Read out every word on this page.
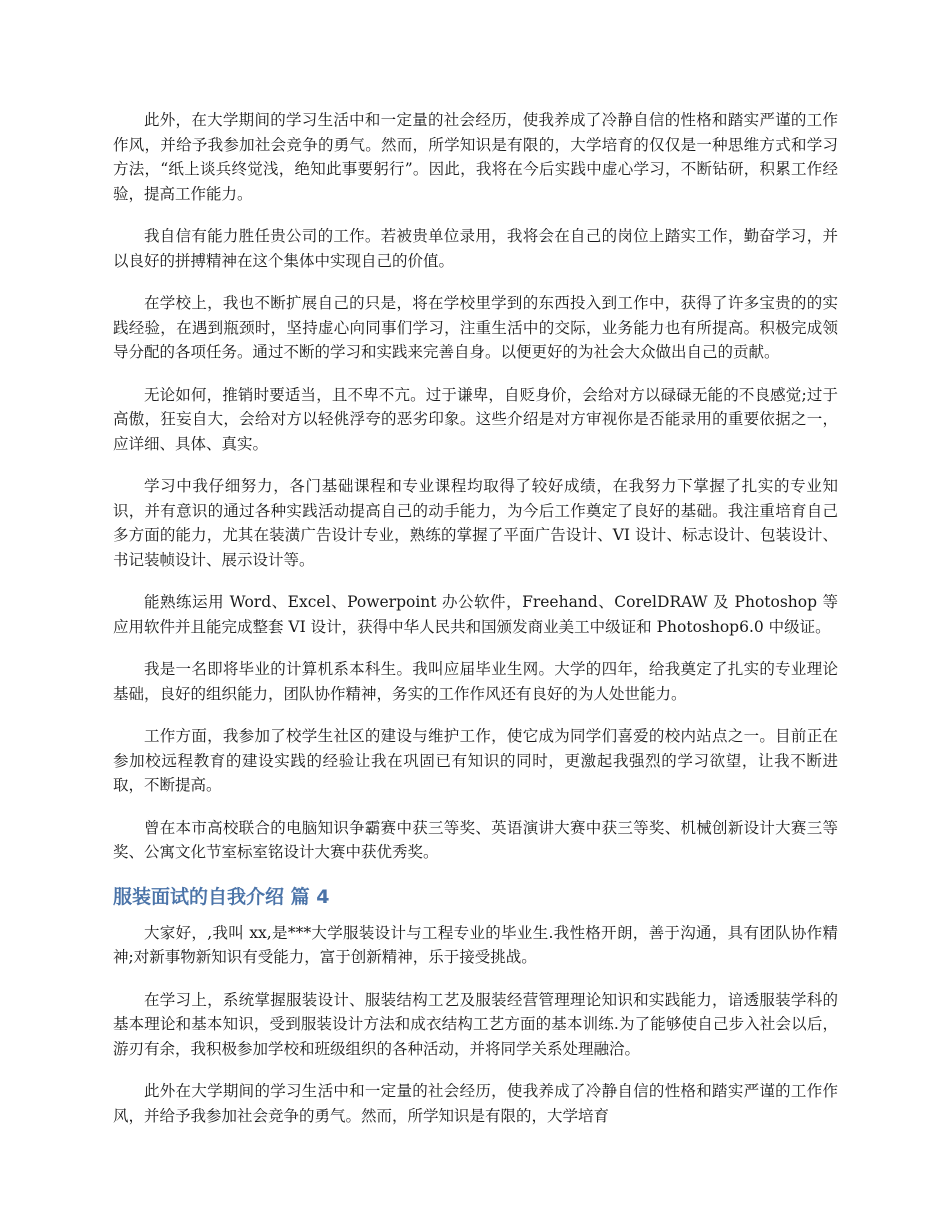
此外，在大学期间的学习生活中和一定量的社会经历，使我养成了冷静自信的性格和踏实严谨的工作作风，并给予我参加社会竞争的勇气。然而，所学知识是有限的，大学培育的仅仅是一种思维方式和学习方法，“纸上谈兵终觉浅，绝知此事要躬行”。因此，我将在今后实践中虚心学习，不断钻研，积累工作经验，提高工作能力。

我自信有能力胜任贵公司的工作。若被贵单位录用，我将会在自己的岗位上踏实工作，勤奋学习，并以良好的拼搏精神在这个集体中实现自己的价值。

在学校上，我也不断扩展自己的只是，将在学校里学到的东西投入到工作中，获得了许多宝贵的的实践经验，在遇到瓶颈时，坚持虚心向同事们学习，注重生活中的交际，业务能力也有所提高。积极完成领导分配的各项任务。通过不断的学习和实践来完善自身。以便更好的为社会大众做出自己的贡献。

无论如何，推销时要适当，且不卑不亢。过于谦卑，自贬身价，会给对方以碌碌无能的不良感觉;过于高傲，狂妄自大，会给对方以轻佻浮夸的恶劣印象。这些介绍是对方审视你是否能录用的重要依据之一，应详细、具体、真实。

学习中我仔细努力，各门基础课程和专业课程均取得了较好成绩，在我努力下掌握了扎实的专业知识，并有意识的通过各种实践活动提高自己的动手能力，为今后工作奠定了良好的基础。我注重培育自己多方面的能力，尤其在装潢广告设计专业，熟练的掌握了平面广告设计、VI 设计、标志设计、包装设计、书记装帧设计、展示设计等。

能熟练运用 Word、Excel、Powerpoint 办公软件，Freehand、CorelDRAW 及 Photoshop 等应用软件并且能完成整套 VI 设计，获得中华人民共和国颁发商业美工中级证和 Photoshop6.0 中级证。

我是一名即将毕业的计算机系本科生。我叫应届毕业生网。大学的四年，给我奠定了扎实的专业理论基础，良好的组织能力，团队协作精神，务实的工作作风还有良好的为人处世能力。

工作方面，我参加了校学生社区的建设与维护工作，使它成为同学们喜爱的校内站点之一。目前正在参加校远程教育的建设实践的经验让我在巩固已有知识的同时，更激起我强烈的学习欲望，让我不断进取，不断提高。

曾在本市高校联合的电脑知识争霸赛中获三等奖、英语演讲大赛中获三等奖、机械创新设计大赛三等奖、公寓文化节室标室铭设计大赛中获优秀奖。

服装面试的自我介绍 篇 4

大家好，,我叫 xx,是***大学服装设计与工程专业的毕业生.我性格开朗，善于沟通，具有团队协作精神;对新事物新知识有受能力，富于创新精神，乐于接受挑战。

在学习上，系统掌握服装设计、服装结构工艺及服装经营管理理论知识和实践能力，谙透服装学科的基本理论和基本知识，受到服装设计方法和成衣结构工艺方面的基本训练.为了能够使自己步入社会以后，游刃有余，我积极参加学校和班级组织的各种活动，并将同学关系处理融洽。

此外在大学期间的学习生活中和一定量的社会经历，使我养成了冷静自信的性格和踏实严谨的工作作风，并给予我参加社会竞争的勇气。然而，所学知识是有限的，大学培育
